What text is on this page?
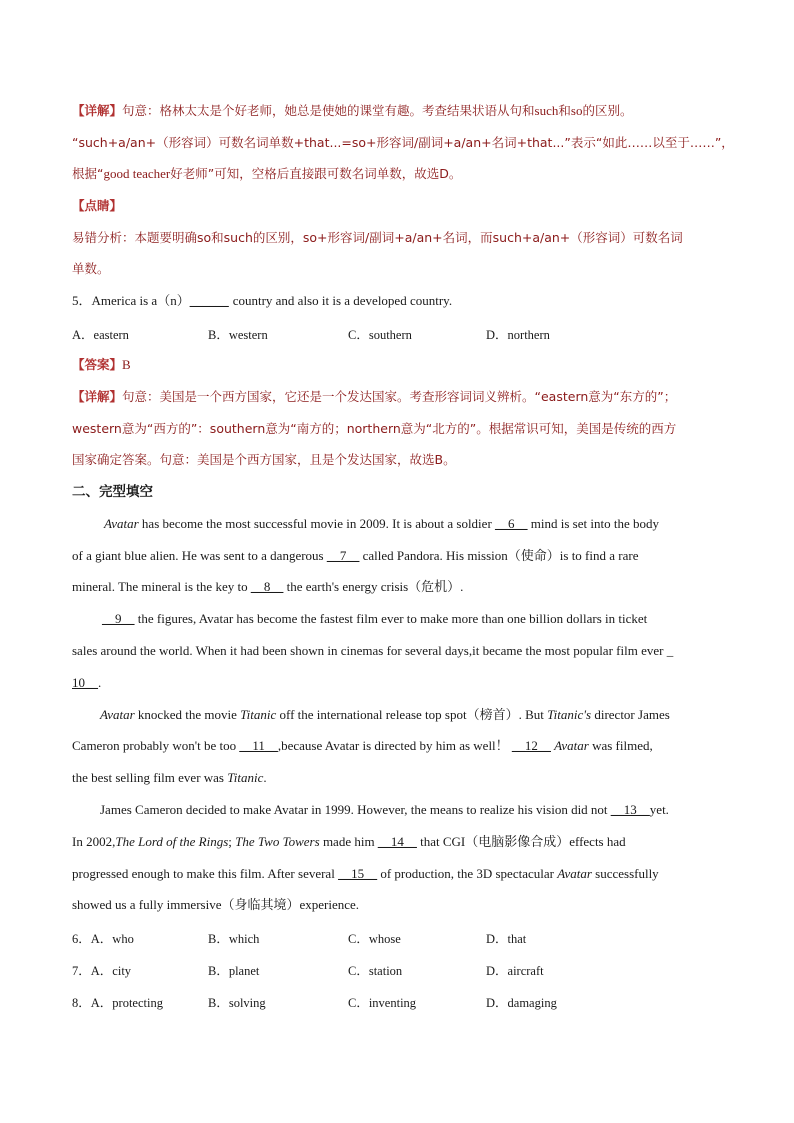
【详解】句意：格林太太是个好老师，她总是使她的课堂有趣。考查结果状语从句和such和so的区别。
“such+a/an+（形容词）可数名词单数+that...=so+形容词/副词+a/an+名词+that...”表示“如此……以至于……”，
根据“good teacher好老师”可知，空格后直接跟可数名词单数，故选D。
【点睛】
易错分析：本题要明确so和such的区别，so+形容词/副词+a/an+名词，而such+a/an+（形容词）可数名词
单数。
5．America is a（n）______ country and also it is a developed country.
A．eastern	B．western	C．southern	D．northern
【答案】B
【详解】句意：美国是一个西方国家，它还是一个发达国家。考查形容词词义辨析。“eastern意为“东方的”；
western意为“西方的”：southern意为“南方的；northern意为“北方的”。根据常识可知，美国是传统的西方
国家确定答案。句意：美国是个西方国家，且是个发达国家，故选B。
二、完型填空
Avatar has become the most successful movie in 2009. It is about a soldier __6__ mind is set into the body
of a giant blue alien. He was sent to a dangerous __7__ called Pandora. His mission（使命）is to find a rare
mineral. The mineral is the key to __8__ the earth's energy crisis（危机）.
__9__ the figures, Avatar has become the fastest film ever to make more than one billion dollars in ticket
sales around the world. When it had been shown in cinemas for several days,it became the most popular film ever _
10__.
Avatar knocked the movie Titanic off the international release top spot（榜首）. But Titanic's director James
Cameron probably won't be too __11__,because Avatar is directed by him as well！ __12__ Avatar was filmed,
the best selling film ever was Titanic.
James Cameron decided to make Avatar in 1999. However, the means to realize his vision did not __13__yet.
In 2002,The Lord of the Rings; The Two Towers made him __14__ that CGI（电脑影像合成）effects had
progressed enough to make this film. After several __15__ of production, the 3D spectacular Avatar successfully
showed us a fully immersive（身临其境）experience.
6．A．who	B．which	C．whose	D．that
7．A．city	B．planet	C．station	D．aircraft
8．A．protecting	B．solving	C．inventing	D．damaging
